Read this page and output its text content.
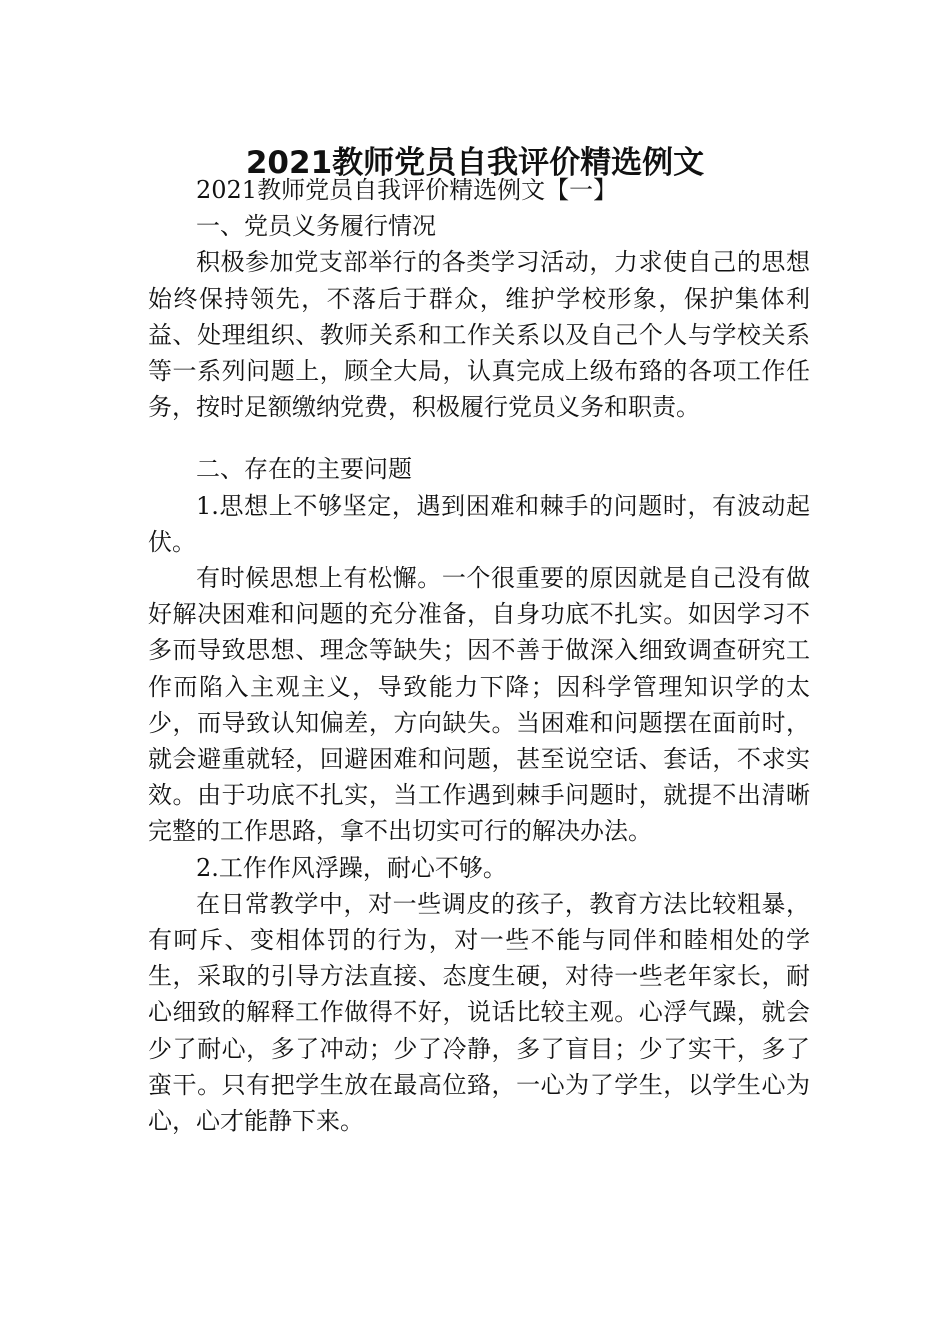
2021教师党员自我评价精选例文

2021教师党员自我评价精选例文【一】

一、党员义务履行情况

积极参加党支部举行的各类学习活动，力求使自己的思想始终保持领先，不落后于群众，维护学校形象，保护集体利益、处理组织、教师关系和工作关系以及自己个人与学校关系等一系列问题上，顾全大局，认真完成上级布臵的各项工作任务，按时足额缴纳党费，积极履行党员义务和职责。

二、存在的主要问题

1.思想上不够坚定，遇到困难和棘手的问题时，有波动起伏。

有时候思想上有松懈。一个很重要的原因就是自己没有做好解决困难和问题的充分准备，自身功底不扎实。如因学习不多而导致思想、理念等缺失；因不善于做深入细致调查研究工作而陷入主观主义，导致能力下降；因科学管理知识学的太少，而导致认知偏差，方向缺失。当困难和问题摆在面前时，就会避重就轻，回避困难和问题，甚至说空话、套话，不求实效。由于功底不扎实，当工作遇到棘手问题时，就提不出清晰完整的工作思路，拿不出切实可行的解决办法。

2.工作作风浮躁，耐心不够。

在日常教学中，对一些调皮的孩子，教育方法比较粗暴，有呵斥、变相体罚的行为，对一些不能与同伴和睦相处的学生，采取的引导方法直接、态度生硬，对待一些老年家长，耐心细致的解释工作做得不好，说话比较主观。心浮气躁，就会少了耐心，多了冲动；少了冷静，多了盲目；少了实干，多了蛮干。只有把学生放在最高位臵，一心为了学生，以学生心为心，心才能静下来。
